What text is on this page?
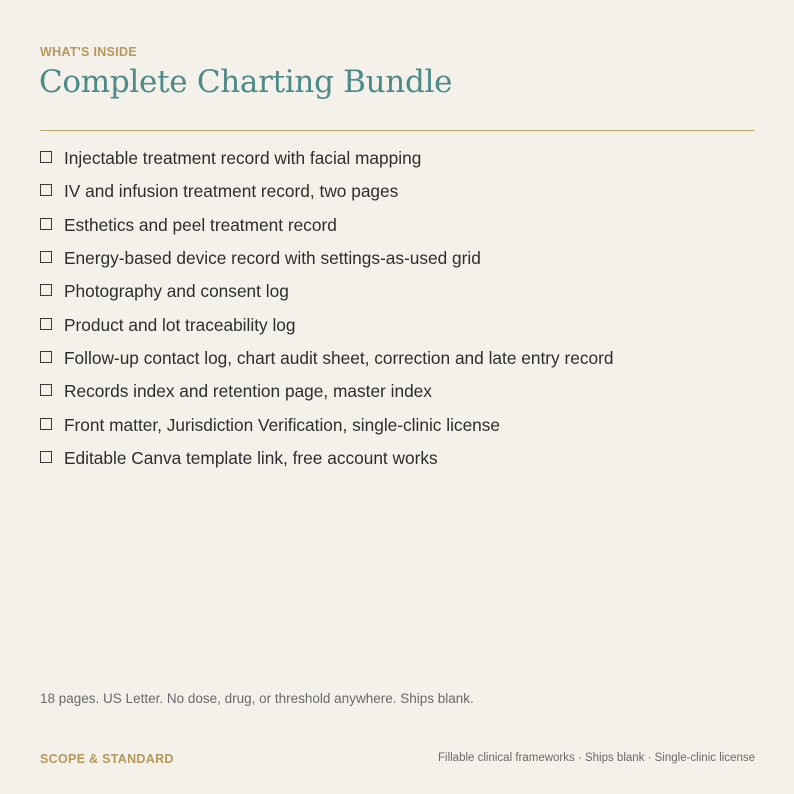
WHAT'S INSIDE
Complete Charting Bundle
Injectable treatment record with facial mapping
IV and infusion treatment record, two pages
Esthetics and peel treatment record
Energy-based device record with settings-as-used grid
Photography and consent log
Product and lot traceability log
Follow-up contact log, chart audit sheet, correction and late entry record
Records index and retention page, master index
Front matter, Jurisdiction Verification, single-clinic license
Editable Canva template link, free account works
18 pages. US Letter. No dose, drug, or threshold anywhere. Ships blank.
SCOPE & STANDARD	Fillable clinical frameworks · Ships blank · Single-clinic license
